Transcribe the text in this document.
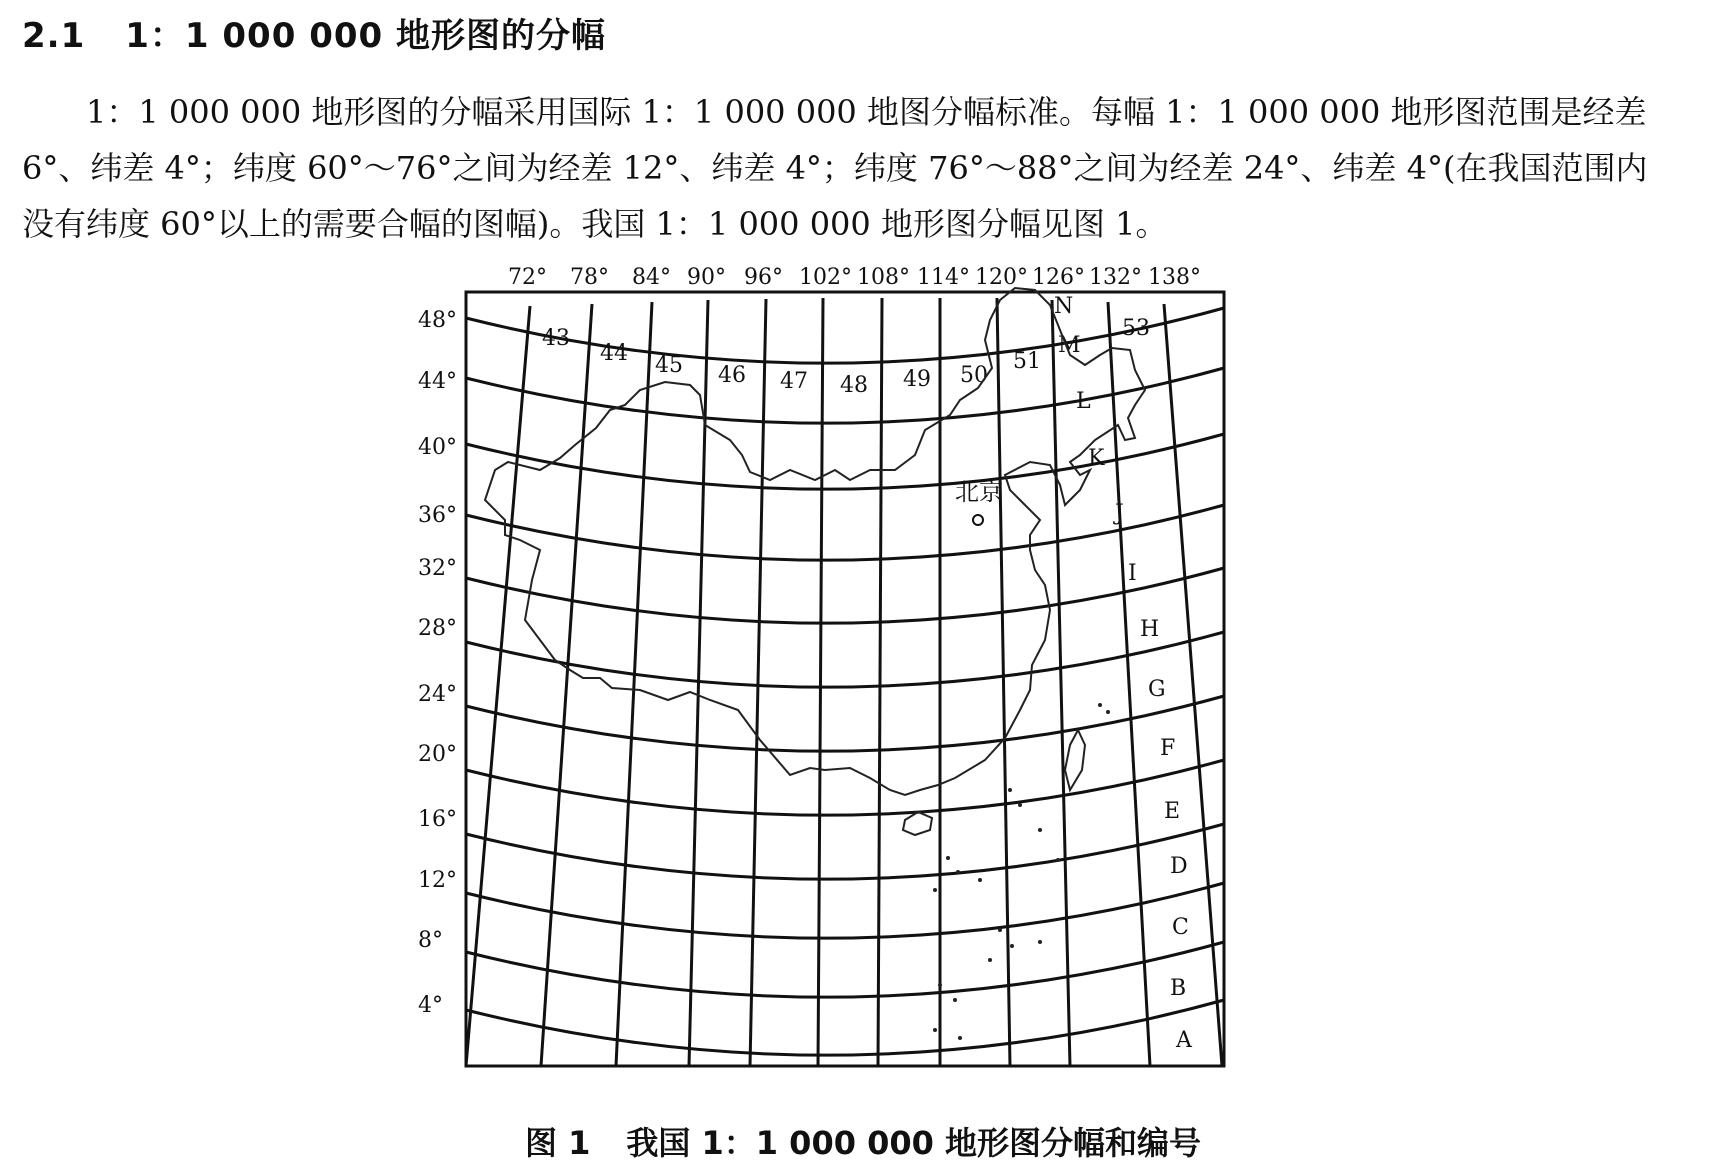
2.1 1：1 000 000 地形图的分幅

1：1 000 000 地形图的分幅采用国际 1：1 000 000 地图分幅标准。每幅 1：1 000 000 地形图范围是经差 6°、纬差 4°；纬度 60°～76°之间为经差 12°、纬差 4°；纬度 76°～88°之间为经差 24°、纬差 4°(在我国范围内没有纬度 60°以上的需要合幅的图幅)。我国 1：1 000 000 地形图分幅见图 1。

72° 78° 84° 90° 96° 102° 108° 114° 120° 126° 132° 138°
48°
44°
40°
36°
32°
28°
24°
20°
16°
12°
8°
4°
43
44 45 46 47 48 49 50
51
53
N
M
L
K
J
I
H
G
F
E
D
C
B
A
北京
图 1 我国 1：1 000 000 地形图分幅和编号
